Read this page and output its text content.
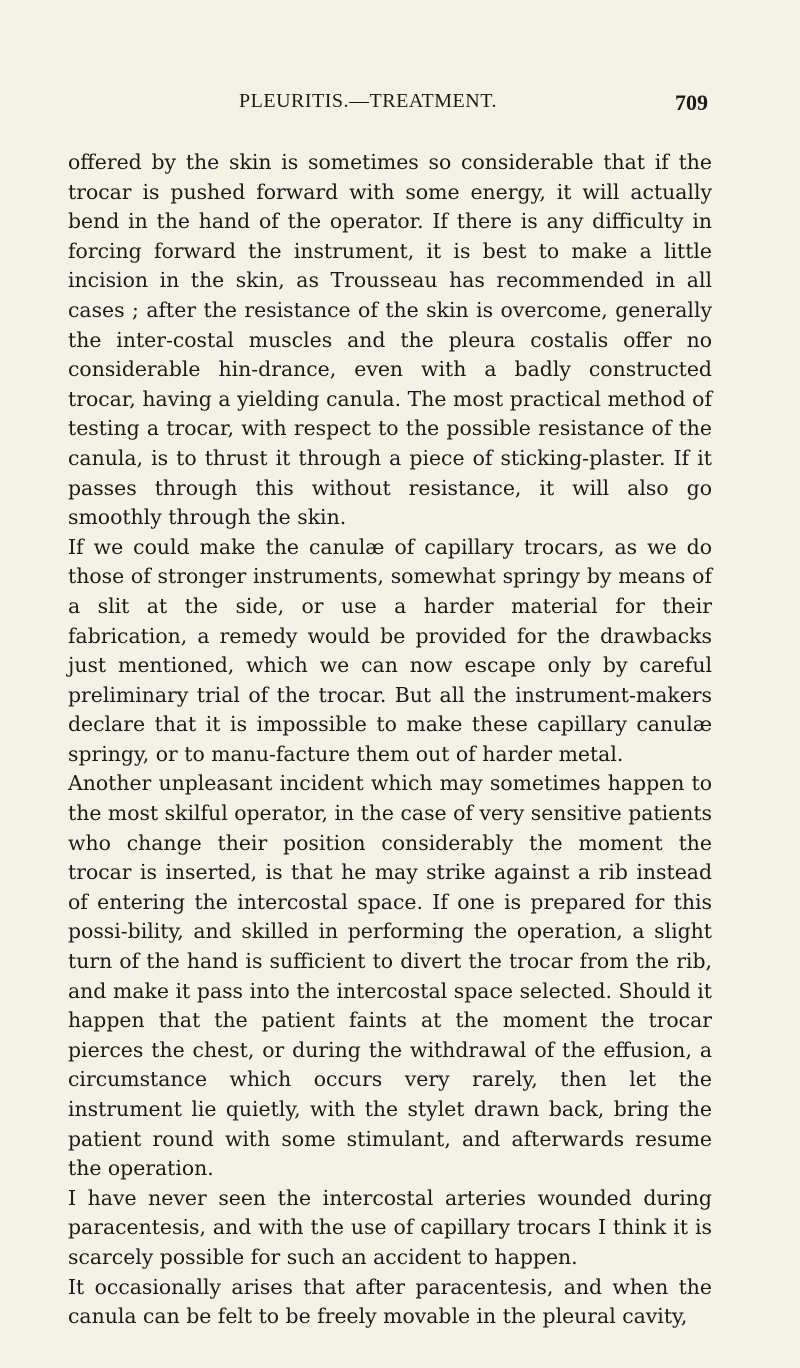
PLEURITIS.—TREATMENT.	709

offered by the skin is sometimes so considerable that if the trocar is pushed forward with some energy, it will actually bend in the hand of the operator. If there is any difficulty in forcing forward the instrument, it is best to make a little incision in the skin, as Trousseau has recommended in all cases ; after the resistance of the skin is overcome, generally the inter-costal muscles and the pleura costalis offer no considerable hin-drance, even with a badly constructed trocar, having a yielding canula. The most practical method of testing a trocar, with respect to the possible resistance of the canula, is to thrust it through a piece of sticking-plaster. If it passes through this without resistance, it will also go smoothly through the skin.

If we could make the canulæ of capillary trocars, as we do those of stronger instruments, somewhat springy by means of a slit at the side, or use a harder material for their fabrication, a remedy would be provided for the drawbacks just mentioned, which we can now escape only by careful preliminary trial of the trocar. But all the instrument-makers declare that it is impossible to make these capillary canulæ springy, or to manu-facture them out of harder metal.

Another unpleasant incident which may sometimes happen to the most skilful operator, in the case of very sensitive patients who change their position considerably the moment the trocar is inserted, is that he may strike against a rib instead of entering the intercostal space. If one is prepared for this possi-bility, and skilled in performing the operation, a slight turn of the hand is sufficient to divert the trocar from the rib, and make it pass into the intercostal space selected. Should it happen that the patient faints at the moment the trocar pierces the chest, or during the withdrawal of the effusion, a circumstance which occurs very rarely, then let the instrument lie quietly, with the stylet drawn back, bring the patient round with some stimulant, and afterwards resume the operation.

I have never seen the intercostal arteries wounded during paracentesis, and with the use of capillary trocars I think it is scarcely possible for such an accident to happen.

It occasionally arises that after paracentesis, and when the canula can be felt to be freely movable in the pleural cavity,
